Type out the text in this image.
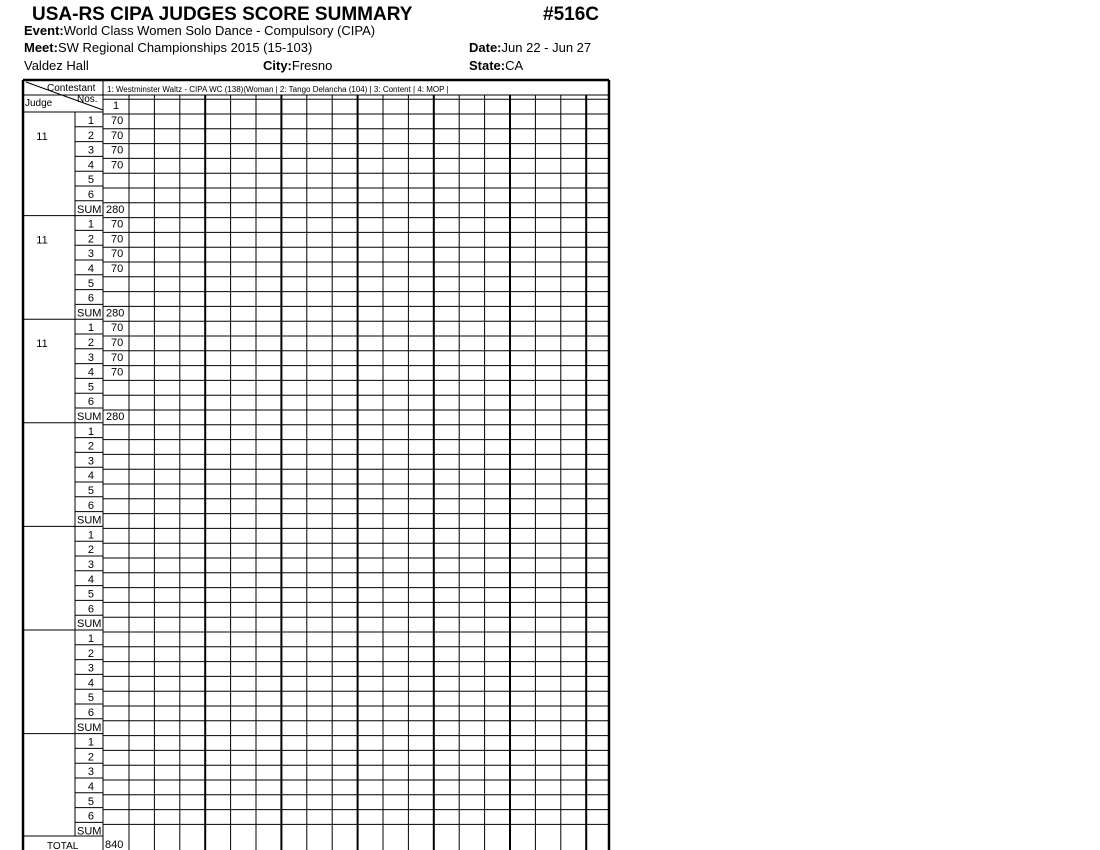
USA-RS CIPA JUDGES SCORE SUMMARY	#516C
Event:World Class Women Solo Dance - Compulsory (CIPA)
Meet:SW Regional Championships 2015 (15-103)	Date:Jun 22 - Jun 27
Valdez Hall	City:Fresno	State:CA
Contestant
Nos.
Judge
1: Westminster Waltz - CIPA WC (138)(Woman | 2: Tango Delancha (104) | 3: Content | 4: MOP |
1
11
1 70
2 70
3 70
4 70
5
6
SUM 280
11
1 70
2 70
3 70
4 70
5
6
SUM 280
11
1 70
2 70
3 70
4 70
5
6
SUM 280
1
2
3
4
5
6
SUM
1
2
3
4
5
6
SUM
1
2
3
4
5
6
SUM
1
2
3
4
5
6
SUM
TOTAL 840
